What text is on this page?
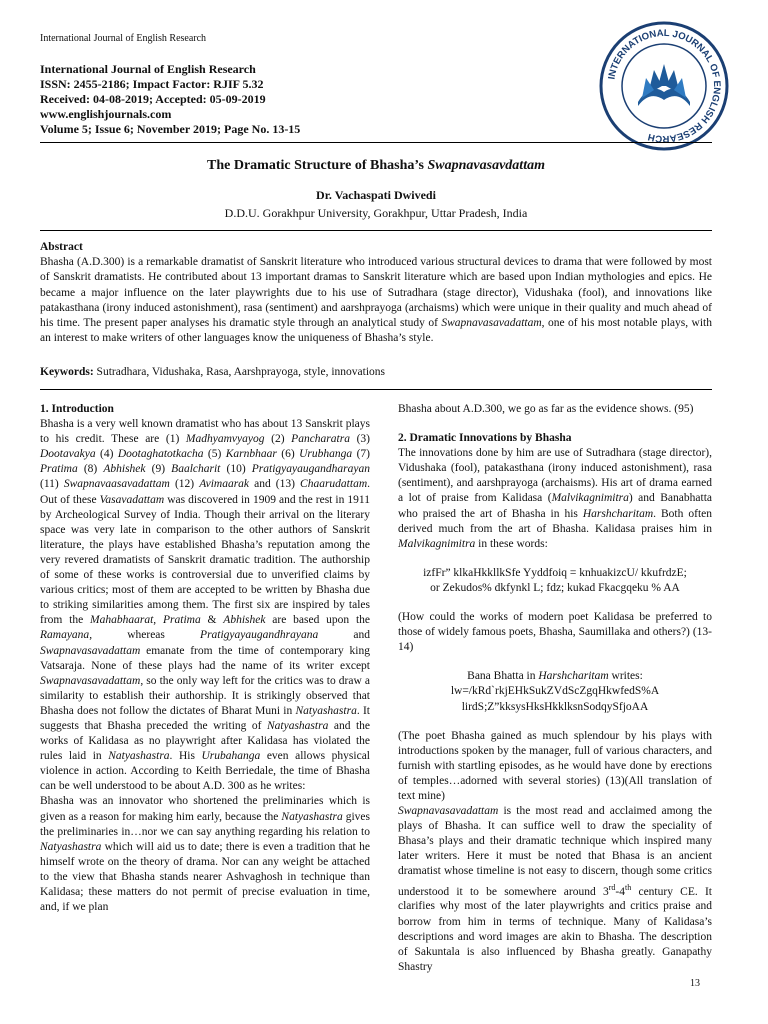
International Journal of English Research
International Journal of English Research
ISSN: 2455-2186; Impact Factor: RJIF 5.32
Received: 04-08-2019; Accepted: 05-09-2019
www.englishjournals.com
Volume 5; Issue 6; November 2019; Page No. 13-15
INTERNATIONAL JOURNAL OF ENGLISH RESEARCH
The Dramatic Structure of Bhasha’s Swapnavasavdattam
Dr. Vachaspati Dwivedi
D.D.U. Gorakhpur University, Gorakhpur, Uttar Pradesh, India
Abstract
Bhasha (A.D.300) is a remarkable dramatist of Sanskrit literature who introduced various structural devices to drama that were followed by most of Sanskrit dramatists. He contributed about 13 important dramas to Sanskrit literature which are based upon Indian mythologies and epics. He became a major influence on the later playwrights due to his use of Sutradhara (stage director), Vidushaka (fool), and innovations like patakasthana (irony induced astonishment), rasa (sentiment) and aarshprayoga (archaisms) which were unique in their quality and much ahead of his time. The present paper analyses his dramatic style through an analytical study of Swapnavasavadattam, one of his most notable plays, with an interest to make writers of other languages know the uniqueness of Bhasha’s style.
Keywords: Sutradhara, Vidushaka, Rasa, Aarshprayoga, style, innovations
1. Introduction

Bhasha is a very well known dramatist who has about 13 Sanskrit plays to his credit. These are (1) Madhyamvyayog (2) Pancharatra (3) Dootavakya (4) Dootaghatotkacha (5) Karnbhaar (6) Urubhanga (7) Pratima (8) Abhishek (9) Baalcharit (10) Pratigyayaugandharayan (11) Swapnavaasavadattam (12) Avimaarak and (13) Chaarudattam. Out of these Vasavadattam was discovered in 1909 and the rest in 1911 by Archeological Survey of India. Though their arrival on the literary space was very late in comparison to the other authors of Sanskrit literature, the plays have established Bhasha’s reputation among the very revered dramatists of Sanskrit dramatic tradition. The authorship of some of these works is controversial due to unverified claims by various critics; most of them are accepted to be written by Bhasha due to striking similarities among them. The first six are inspired by tales from the Mahabhaarat, Pratima & Abhishek are based upon the Ramayana, whereas Pratigyayaugandhrayana and Swapnavasavadattam emanate from the time of contemporary king Vatsaraja. None of these plays had the name of its writer except Swapnavasavadattam, so the only way left for the critics was to draw a similarity to establish their authorship. It is strikingly observed that Bhasha does not follow the dictates of Bharat Muni in Natyashastra. It suggests that Bhasha preceded the writing of Natyashastra and the works of Kalidasa as no playwright after Kalidasa has violated the rules laid in Natyashastra. His Urubahanga even allows physical violence in action. According to Keith Berriedale, the time of Bhasha can be well understood to be about A.D. 300 as he writes:

Bhasha was an innovator who shortened the preliminaries which is given as a reason for making him early, because the Natyashastra gives the preliminaries in…nor we can say anything regarding his relation to Natyashastra which will aid us to date; there is even a tradition that he himself wrote on the theory of drama. Nor can any weight be attached to the view that Bhasha stands nearer Ashvaghosh in technique than Kalidasa; these matters do not permit of precise evaluation in time, and, if we plan

Bhasha about A.D.300, we go as far as the evidence shows. (95)

2. Dramatic Innovations by Bhasha

The innovations done by him are use of Sutradhara (stage director), Vidushaka (fool), patakasthana (irony induced astonishment), rasa (sentiment), and aarshprayoga (archaisms). His art of drama earned a lot of praise from Kalidasa (Malvikagnimitra) and Banabhatta who praised the art of Bhasha in his Harshcharitam. Both often derived much from the art of Bhasha. Kalidasa praises him in Malvikagnimitra in these words:

izfFr” klkaHkkllkSfe Yyddfoiq = knhuakizcU/ kkufrdzE;

or Zekudos% dkfynkl L; fdz; kukad Fkacgqeku % AA

(How could the works of modern poet Kalidasa be preferred to those of widely famous poets, Bhasha, Saumillaka and others?) (13-14)

Bana Bhatta in Harshcharitam writes:

lw=/kRd`rkjEHkSukZVdScZgqHkwfedS%A

lirdS;Z”kksysHksHkklksnSodqySfjoAA

(The poet Bhasha gained as much splendour by his plays with introductions spoken by the manager, full of various characters, and furnish with startling episodes, as he would have done by erections of temples…adorned with several stories) (13)(All translation of text mine)

Swapnavasavadattam is the most read and acclaimed among the plays of Bhasha. It can suffice well to draw the speciality of Bhasa’s plays and their dramatic technique which inspired many later writers. Here it must be noted that Bhasa is an ancient dramatist whose timeline is not easy to discern, though some critics understood it to be somewhere around 3rd-4th century CE. It clarifies why most of the later playwrights and critics praise and borrow from him in terms of technique. Many of Kalidasa’s descriptions and word images are akin to Bhasha. The description of Sakuntala is also influenced by Bhasha greatly. Ganapathy Shastry

13
